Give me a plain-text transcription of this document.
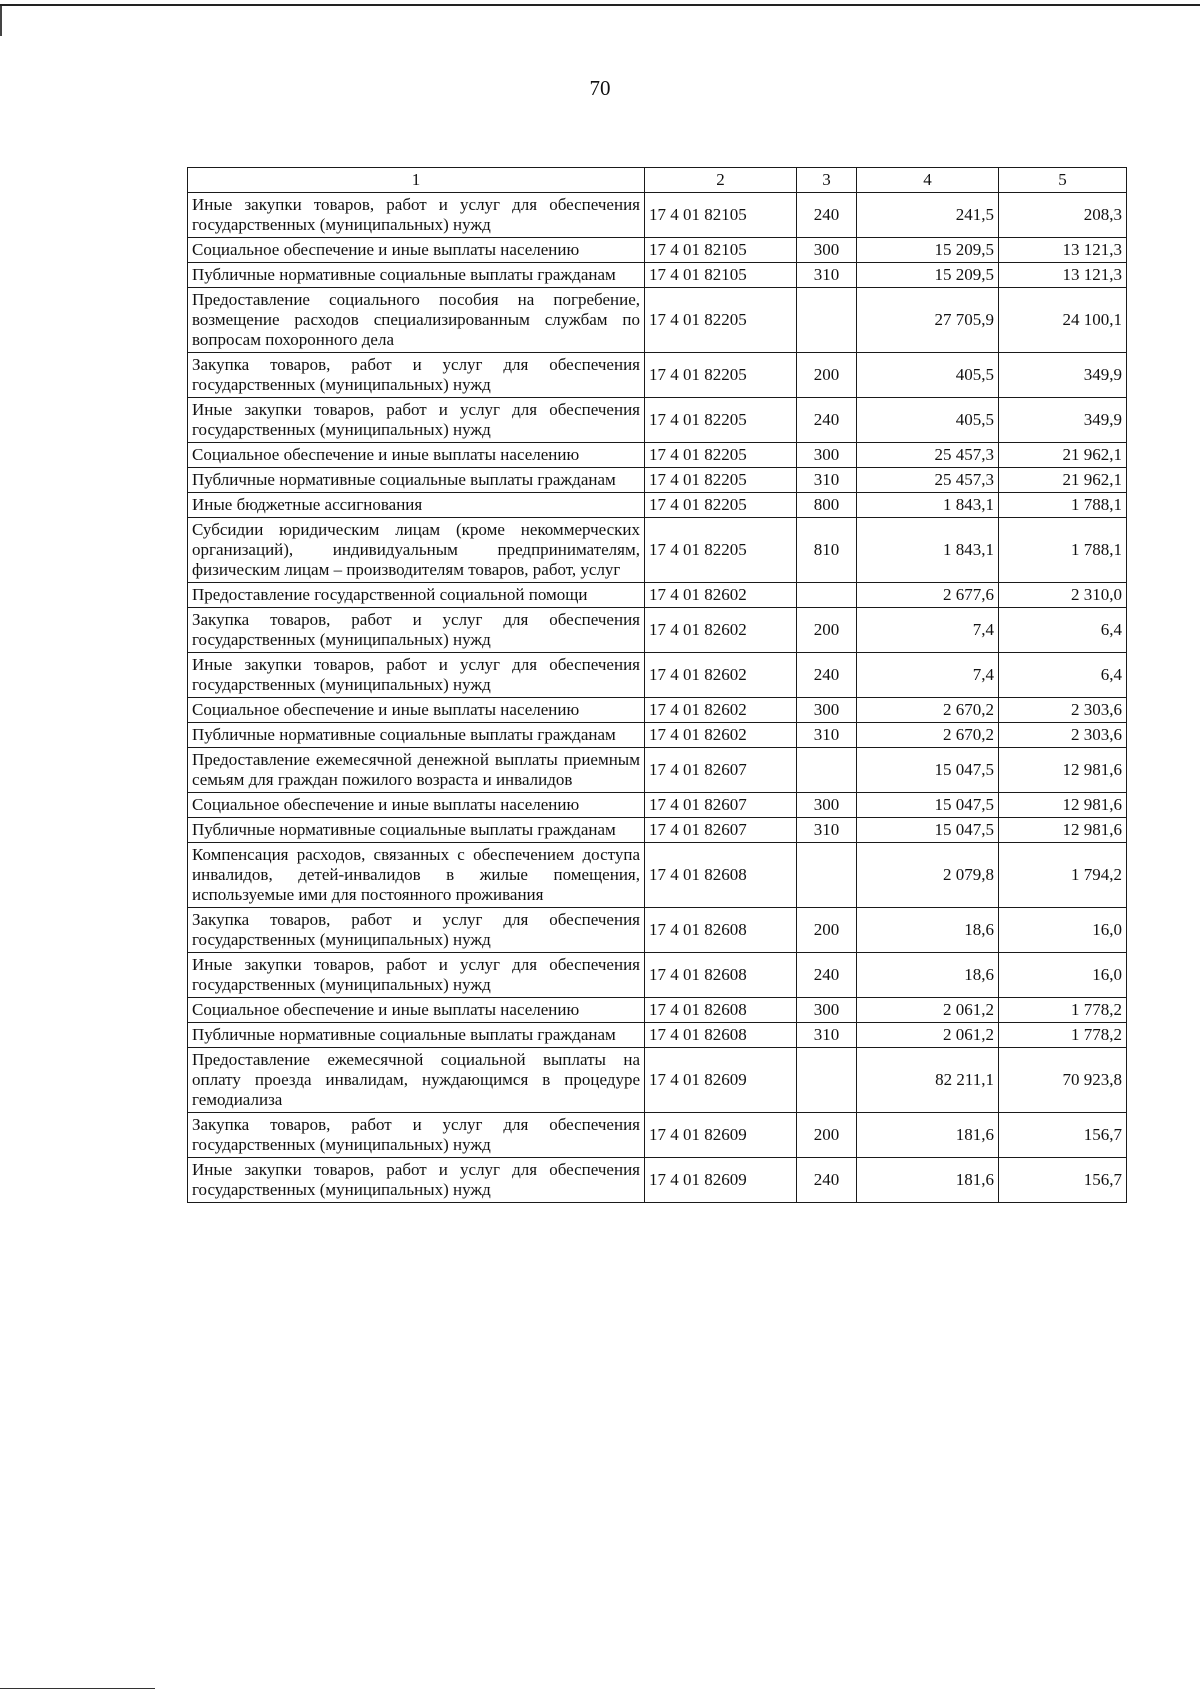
70
1	2	3	4	5
Иные закупки товаров, работ и услуг для обеспечения государственных (муниципальных) нужд	17 4 01 82105	240	241,5	208,3
Социальное обеспечение и иные выплаты населению	17 4 01 82105	300	15 209,5	13 121,3
Публичные нормативные социальные выплаты гражданам	17 4 01 82105	310	15 209,5	13 121,3
Предоставление социального пособия на погребение, возмещение расходов специализированным службам по вопросам похоронного дела	17 4 01 82205		27 705,9	24 100,1
Закупка товаров, работ и услуг для обеспечения государственных (муниципальных) нужд	17 4 01 82205	200	405,5	349,9
Иные закупки товаров, работ и услуг для обеспечения государственных (муниципальных) нужд	17 4 01 82205	240	405,5	349,9
Социальное обеспечение и иные выплаты населению	17 4 01 82205	300	25 457,3	21 962,1
Публичные нормативные социальные выплаты гражданам	17 4 01 82205	310	25 457,3	21 962,1
Иные бюджетные ассигнования	17 4 01 82205	800	1 843,1	1 788,1
Субсидии юридическим лицам (кроме некоммерческих организаций), индивидуальным предпринимателям, физическим лицам – производителям товаров, работ, услуг	17 4 01 82205	810	1 843,1	1 788,1
Предоставление государственной социальной помощи	17 4 01 82602		2 677,6	2 310,0
Закупка товаров, работ и услуг для обеспечения государственных (муниципальных) нужд	17 4 01 82602	200	7,4	6,4
Иные закупки товаров, работ и услуг для обеспечения государственных (муниципальных) нужд	17 4 01 82602	240	7,4	6,4
Социальное обеспечение и иные выплаты населению	17 4 01 82602	300	2 670,2	2 303,6
Публичные нормативные социальные выплаты гражданам	17 4 01 82602	310	2 670,2	2 303,6
Предоставление ежемесячной денежной выплаты приемным семьям для граждан пожилого возраста и инвалидов	17 4 01 82607		15 047,5	12 981,6
Социальное обеспечение и иные выплаты населению	17 4 01 82607	300	15 047,5	12 981,6
Публичные нормативные социальные выплаты гражданам	17 4 01 82607	310	15 047,5	12 981,6
Компенсация расходов, связанных с обеспечением доступа инвалидов, детей-инвалидов в жилые помещения, используемые ими для постоянного проживания	17 4 01 82608		2 079,8	1 794,2
Закупка товаров, работ и услуг для обеспечения государственных (муниципальных) нужд	17 4 01 82608	200	18,6	16,0
Иные закупки товаров, работ и услуг для обеспечения государственных (муниципальных) нужд	17 4 01 82608	240	18,6	16,0
Социальное обеспечение и иные выплаты населению	17 4 01 82608	300	2 061,2	1 778,2
Публичные нормативные социальные выплаты гражданам	17 4 01 82608	310	2 061,2	1 778,2
Предоставление ежемесячной социальной выплаты на оплату проезда инвалидам, нуждающимся в процедуре гемодиализа	17 4 01 82609		82 211,1	70 923,8
Закупка товаров, работ и услуг для обеспечения государственных (муниципальных) нужд	17 4 01 82609	200	181,6	156,7
Иные закупки товаров, работ и услуг для обеспечения государственных (муниципальных) нужд	17 4 01 82609	240	181,6	156,7
